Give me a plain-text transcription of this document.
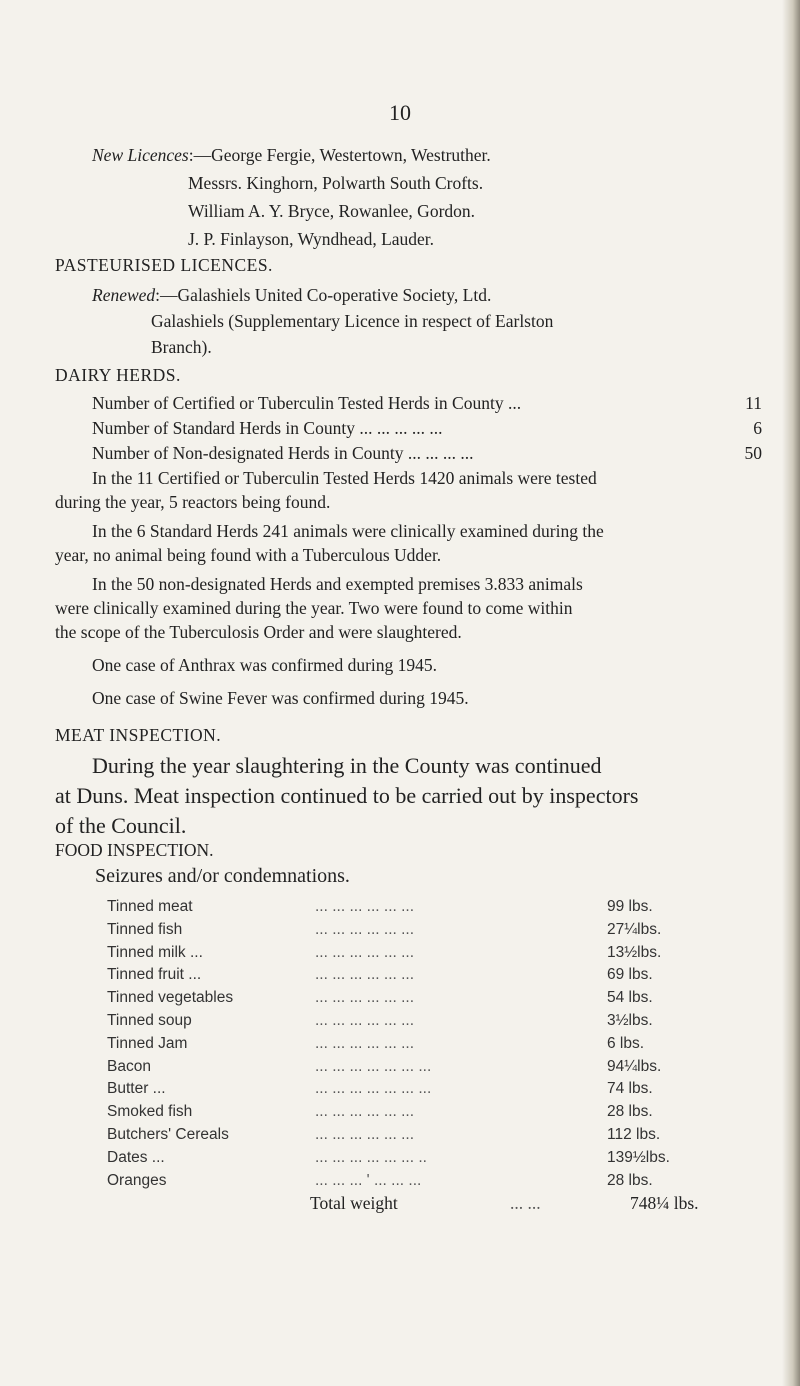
10
New Licences:—George Fergie, Westertown, Westruther.
Messrs. Kinghorn, Polwarth South Crofts.
William A. Y. Bryce, Rowanlee, Gordon.
J. P. Finlayson, Wyndhead, Lauder.
PASTEURISED LICENCES.
Renewed:—Galashiels United Co-operative Society, Ltd.
Galashiels (Supplementary Licence in respect of Earlston
Branch).
DAIRY HERDS.
Number of Certified or Tuberculin Tested Herds in County ...	11
Number of Standard Herds in County ... ... ... ... ...	6
Number of Non-designated Herds in County ... ... ... ...	50
In the 11 Certified or Tuberculin Tested Herds 1420 animals were tested
during the year, 5 reactors being found.
In the 6 Standard Herds 241 animals were clinically examined during the
year, no animal being found with a Tuberculous Udder.
In the 50 non-designated Herds and exempted premises 3.833 animals
were clinically examined during the year. Two were found to come within
the scope of the Tuberculosis Order and were slaughtered.
One case of Anthrax was confirmed during 1945.
One case of Swine Fever was confirmed during 1945.
MEAT INSPECTION.
During the year slaughtering in the County was continued
at Duns. Meat inspection continued to be carried out by inspectors
of the Council.
FOOD INSPECTION.
Seizures and/or condemnations.
Tinned meat	... ... ... ... ... ...	99 lbs.
Tinned fish	... ... ... ... ... ...	27¼lbs.
Tinned milk ...	... ... ... ... ... ...	13½lbs.
Tinned fruit ...	... ... ... ... ... ...	69 lbs.
Tinned vegetables	... ... ... ... ... ...	54 lbs.
Tinned soup	... ... ... ... ... ...	3½lbs.
Tinned Jam	... ... ... ... ... ...	6 lbs.
Bacon	... ... ... ... ... ... ...	94¼lbs.
Butter ...	... ... ... ... ... ... ...	74 lbs.
Smoked fish	... ... ... ... ... ...	28 lbs.
Butchers' Cereals	... ... ... ... ... ...	112 lbs.
Dates ...	... ... ... ... ... ... ..	139½lbs.
Oranges	... ... ... ' ... ... ...	28 lbs.
Total weight	... ...	748¼ lbs.
